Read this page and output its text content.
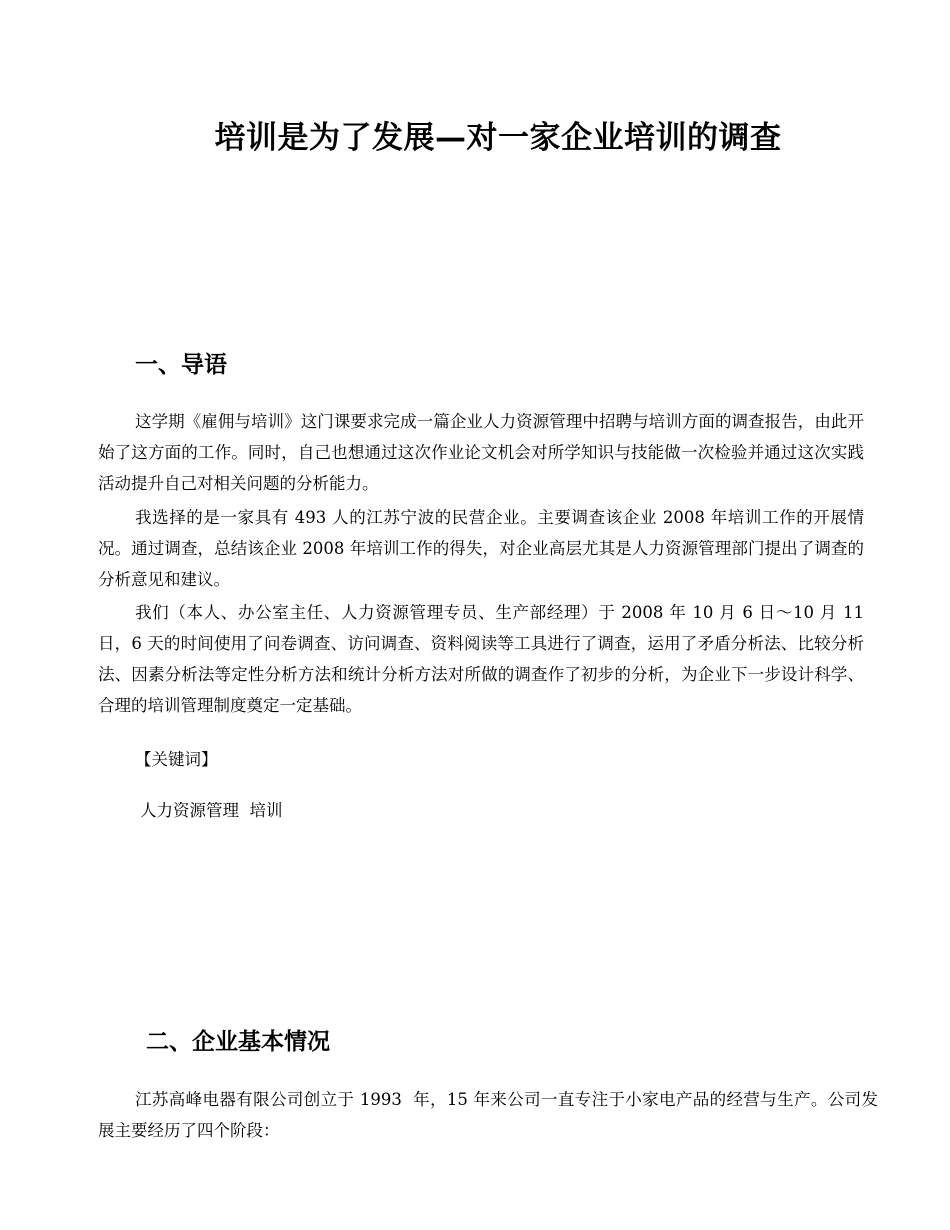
培训是为了发展—对一家企业培训的调查
一、导语

这学期《雇佣与培训》这门课要求完成一篇企业人力资源管理中招聘与培训方面的调查报告，由此开始了这方面的工作。同时，自己也想通过这次作业论文机会对所学知识与技能做一次检验并通过这次实践活动提升自己对相关问题的分析能力。

我选择的是一家具有 493 人的江苏宁波的民营企业。主要调查该企业 2008 年培训工作的开展情况。通过调查，总结该企业 2008 年培训工作的得失，对企业高层尤其是人力资源管理部门提出了调查的分析意见和建议。

我们（本人、办公室主任、人力资源管理专员、生产部经理）于 2008 年 10 月 6 日～10 月 11 日，6 天的时间使用了问卷调查、访问调查、资料阅读等工具进行了调查，运用了矛盾分析法、比较分析法、因素分析法等定性分析方法和统计分析方法对所做的调查作了初步的分析，为企业下一步设计科学、合理的培训管理制度奠定一定基础。

【关键词】

人力资源管理  培训

二、企业基本情况

江苏高峰电器有限公司创立于 1993  年，15 年来公司一直专注于小家电产品的经营与生产。公司发展主要经历了四个阶段：
